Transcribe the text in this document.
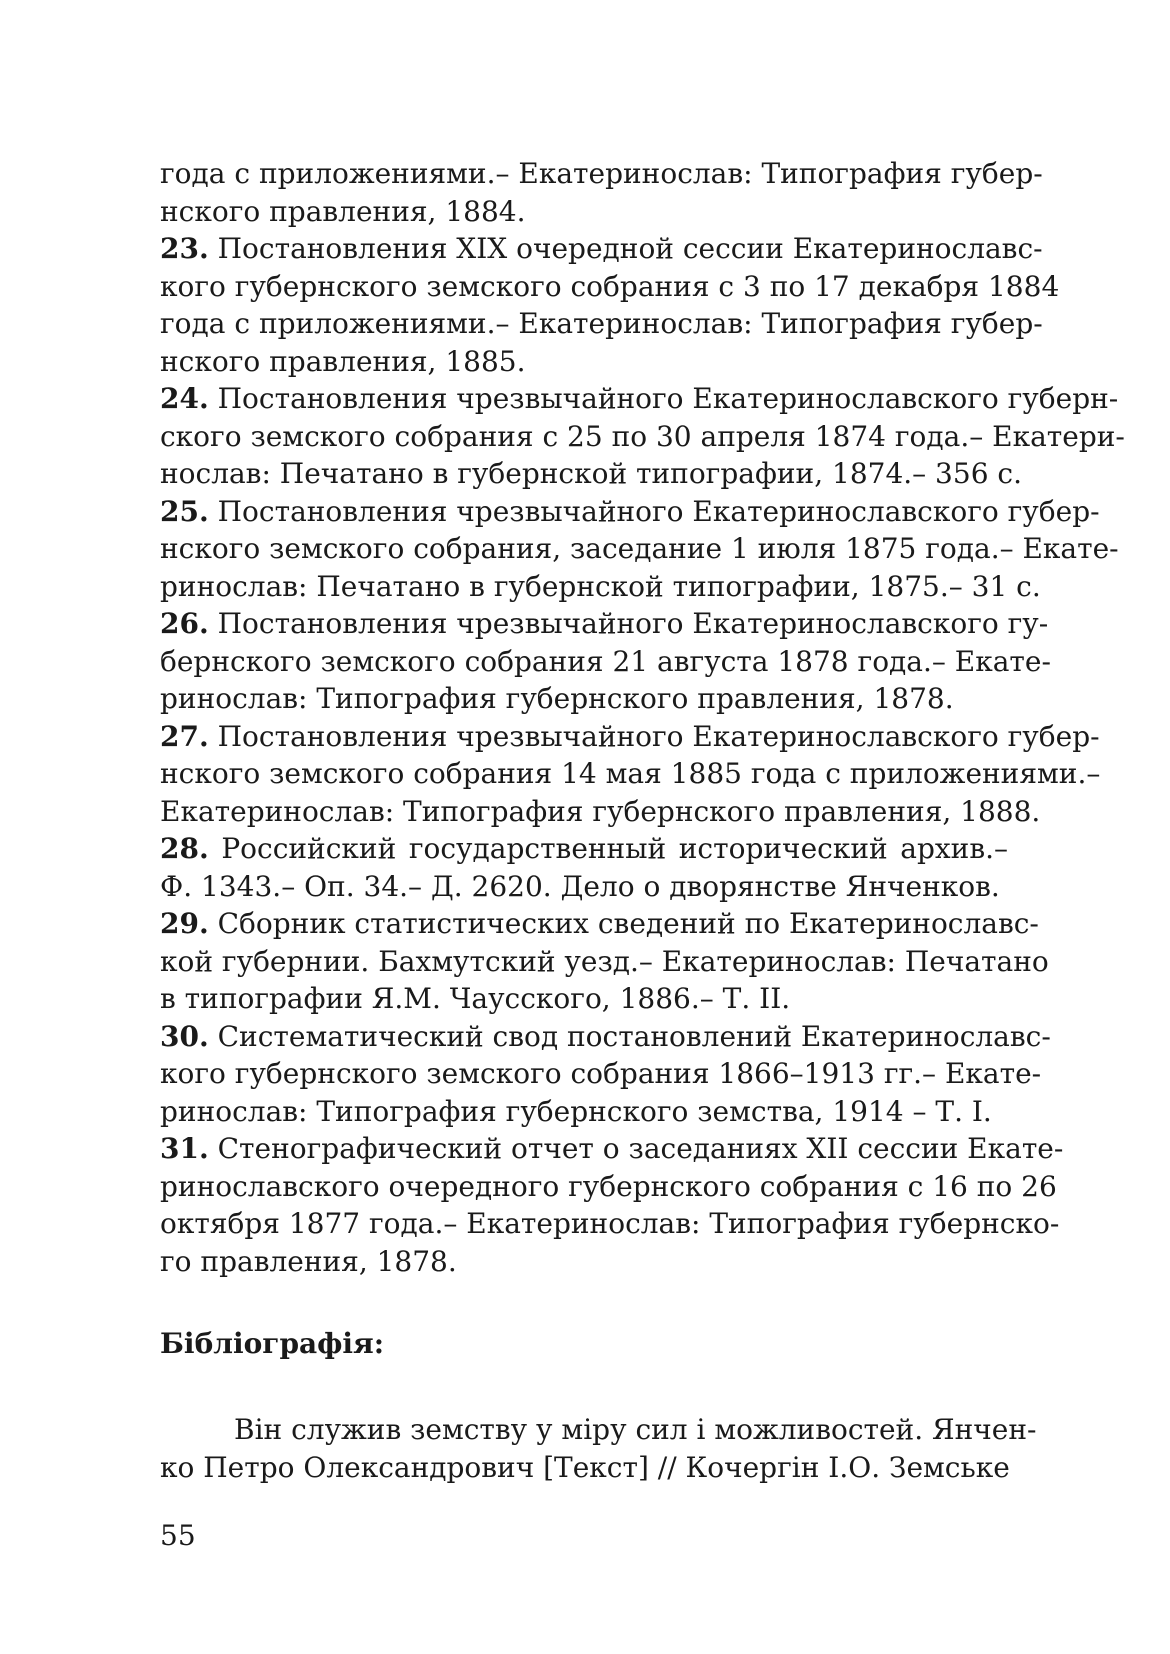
года с приложениями.– Екатеринослав: Типография губер-
нского правления, 1884.
23. Постановления XIX очередной сессии Екатеринославс-
кого губернского земского собрания с 3 по 17 декабря 1884
года с приложениями.– Екатеринослав: Типография губер-
нского правления, 1885.
24. Постановления чрезвычайного Екатеринославского губерн-
ского земского собрания с 25 по 30 апреля 1874 года.– Екатери-
нослав: Печатано в губернской типографии, 1874.– 356 с.
25. Постановления чрезвычайного Екатеринославского губер-
нского земского собрания, заседание 1 июля 1875 года.– Екате-
ринослав: Печатано в губернской типографии, 1875.– 31 с.
26. Постановления чрезвычайного Екатеринославского гу-
бернского земского собрания 21 августа 1878 года.– Екате-
ринослав: Типография губернского правления, 1878.
27. Постановления чрезвычайного Екатеринославского губер-
нского земского собрания 14 мая 1885 года с приложениями.–
Екатеринослав: Типография губернского правления, 1888.
28. Российский государственный исторический архив.–
Ф. 1343.– Оп. 34.– Д. 2620. Дело о дворянстве Янченков.
29. Сборник статистических сведений по Екатеринославс-
кой губернии. Бахмутский уезд.– Екатеринослав: Печатано
в типографии Я.М. Чаусского, 1886.– Т. II.
30. Систематический свод постановлений Екатеринославс-
кого губернского земского собрания 1866–1913 гг.– Екате-
ринослав: Типография губернского земства, 1914 – Т. I.
31. Стенографический отчет о заседаниях XII сессии Екате-
ринославского очередного губернского собрания с 16 по 26
октября 1877 года.– Екатеринослав: Типография губернско-
го правления, 1878.
Бібліографія:
Він служив земству у міру сил і можливостей. Янчен-
ко Петро Олександрович [Текст] // Кочергін І.О. Земське
55
